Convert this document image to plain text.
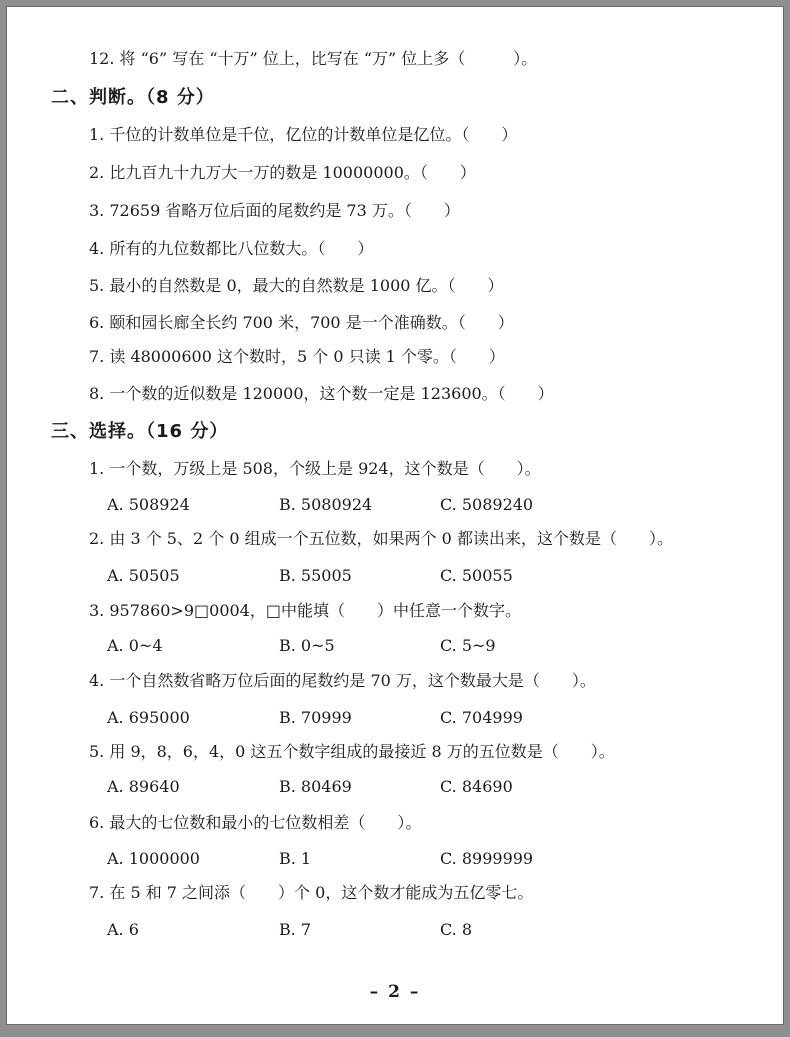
12. 将 “6” 写在 “十万” 位上，比写在 “万” 位上多（　　　）。
二、判断。（8 分）
1. 千位的计数单位是千位，亿位的计数单位是亿位。（　　）
2. 比九百九十九万大一万的数是 10000000。（　　）
3. 72659 省略万位后面的尾数约是 73 万。（　　）
4. 所有的九位数都比八位数大。（　　）
5. 最小的自然数是 0，最大的自然数是 1000 亿。（　　）
6. 颐和园长廊全长约 700 米，700 是一个准确数。（　　）
7. 读 48000600 这个数时，5 个 0 只读 1 个零。（　　）
8. 一个数的近似数是 120000，这个数一定是 123600。（　　）
三、选择。（16 分）
1. 一个数，万级上是 508，个级上是 924，这个数是（　　）。
A. 508924	B. 5080924	C. 5089240
2. 由 3 个 5、2 个 0 组成一个五位数，如果两个 0 都读出来，这个数是（　　）。
A. 50505	B. 55005	C. 50055
3. 957860>9□0004，□中能填（　　）中任意一个数字。
A. 0~4	B. 0~5	C. 5~9
4. 一个自然数省略万位后面的尾数约是 70 万，这个数最大是（　　）。
A. 695000	B. 70999	C. 704999
5. 用 9，8，6，4，0 这五个数字组成的最接近 8 万的五位数是（　　）。
A. 89640	B. 80469	C. 84690
6. 最大的七位数和最小的七位数相差（　　）。
A. 1000000	B. 1	C. 8999999
7. 在 5 和 7 之间添（　　）个 0，这个数才能成为五亿零七。
A. 6	B. 7	C. 8
– 2 –
